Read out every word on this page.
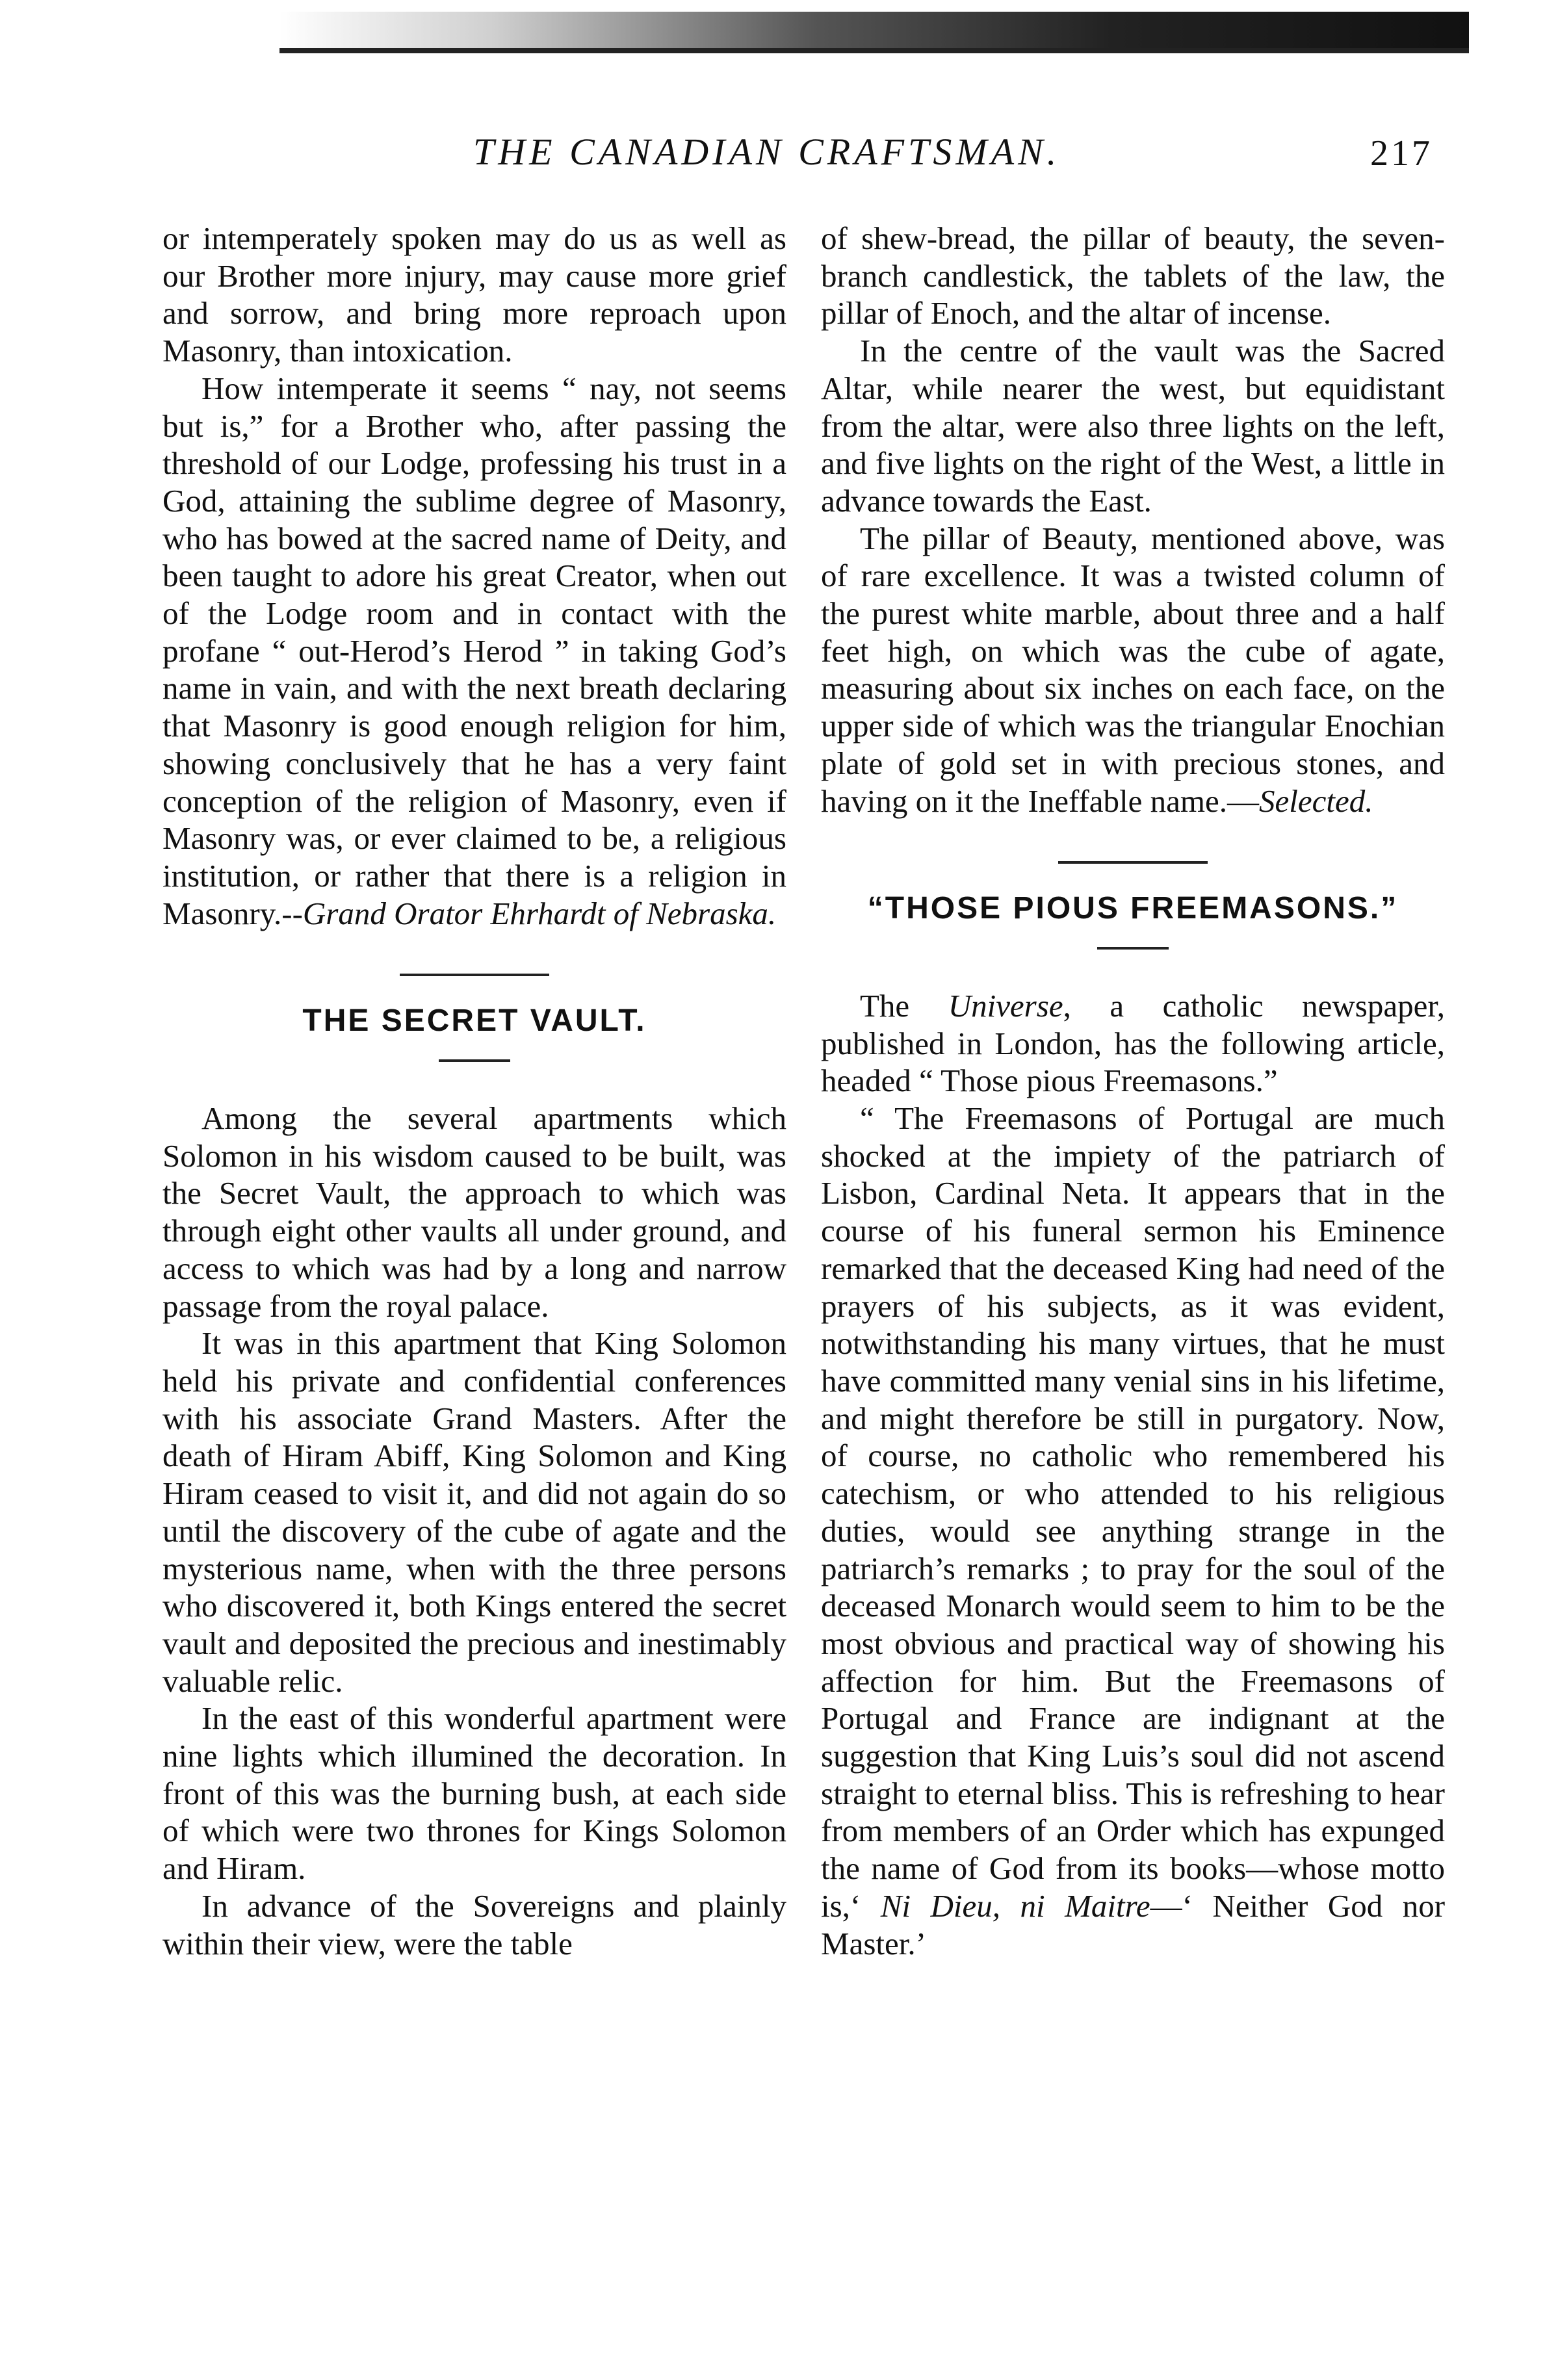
THE CANADIAN CRAFTSMAN.	217

or intemperately spoken may do us as well as our Brother more injury, may cause more grief and sorrow, and bring more reproach upon Masonry, than intoxication.

How intemperate it seems “ nay, not seems but is,” for a Brother who, after passing the threshold of our Lodge, professing his trust in a God, attaining the sublime degree of Masonry, who has bowed at the sacred name of Deity, and been taught to adore his great Creator, when out of the Lodge room and in contact with the profane “ out-Herod’s Herod ” in taking God’s name in vain, and with the next breath declaring that Masonry is good enough religion for him, showing conclusively that he has a very faint conception of the religion of Masonry, even if Masonry was, or ever claimed to be, a religious institution, or rather that there is a religion in Masonry.--Grand Orator Ehrhardt of Nebraska.

THE SECRET VAULT.

Among the several apartments which Solomon in his wisdom caused to be built, was the Secret Vault, the approach to which was through eight other vaults all under ground, and access to which was had by a long and narrow passage from the royal palace.

It was in this apartment that King Solomon held his private and confidential conferences with his associate Grand Masters. After the death of Hiram Abiff, King Solomon and King Hiram ceased to visit it, and did not again do so until the discovery of the cube of agate and the mysterious name, when with the three persons who discovered it, both Kings entered the secret vault and deposited the precious and inestimably valuable relic.

In the east of this wonderful apartment were nine lights which illumined the decoration. In front of this was the burning bush, at each side of which were two thrones for Kings Solomon and Hiram.

In advance of the Sovereigns and plainly within their view, were the table

of shew-bread, the pillar of beauty, the seven-branch candlestick, the tablets of the law, the pillar of Enoch, and the altar of incense.

In the centre of the vault was the Sacred Altar, while nearer the west, but equidistant from the altar, were also three lights on the left, and five lights on the right of the West, a little in advance towards the East.

The pillar of Beauty, mentioned above, was of rare excellence. It was a twisted column of the purest white marble, about three and a half feet high, on which was the cube of agate, measuring about six inches on each face, on the upper side of which was the triangular Enochian plate of gold set in with precious stones, and having on it the Ineffable name.—Selected.

“THOSE PIOUS FREEMASONS.”

The Universe, a catholic newspaper, published in London, has the following article, headed “ Those pious Freemasons.”

“ The Freemasons of Portugal are much shocked at the impiety of the patriarch of Lisbon, Cardinal Neta. It appears that in the course of his funeral sermon his Eminence remarked that the deceased King had need of the prayers of his subjects, as it was evident, notwithstanding his many virtues, that he must have committed many venial sins in his lifetime, and might therefore be still in purgatory. Now, of course, no catholic who remembered his catechism, or who attended to his religious duties, would see anything strange in the patriarch’s remarks ; to pray for the soul of the deceased Monarch would seem to him to be the most obvious and practical way of showing his affection for him. But the Freemasons of Portugal and France are indignant at the suggestion that King Luis’s soul did not ascend straight to eternal bliss. This is refreshing to hear from members of an Order which has expunged the name of God from its books—whose motto is,‘ Ni Dieu, ni Maitre—‘ Neither God nor Master.’
